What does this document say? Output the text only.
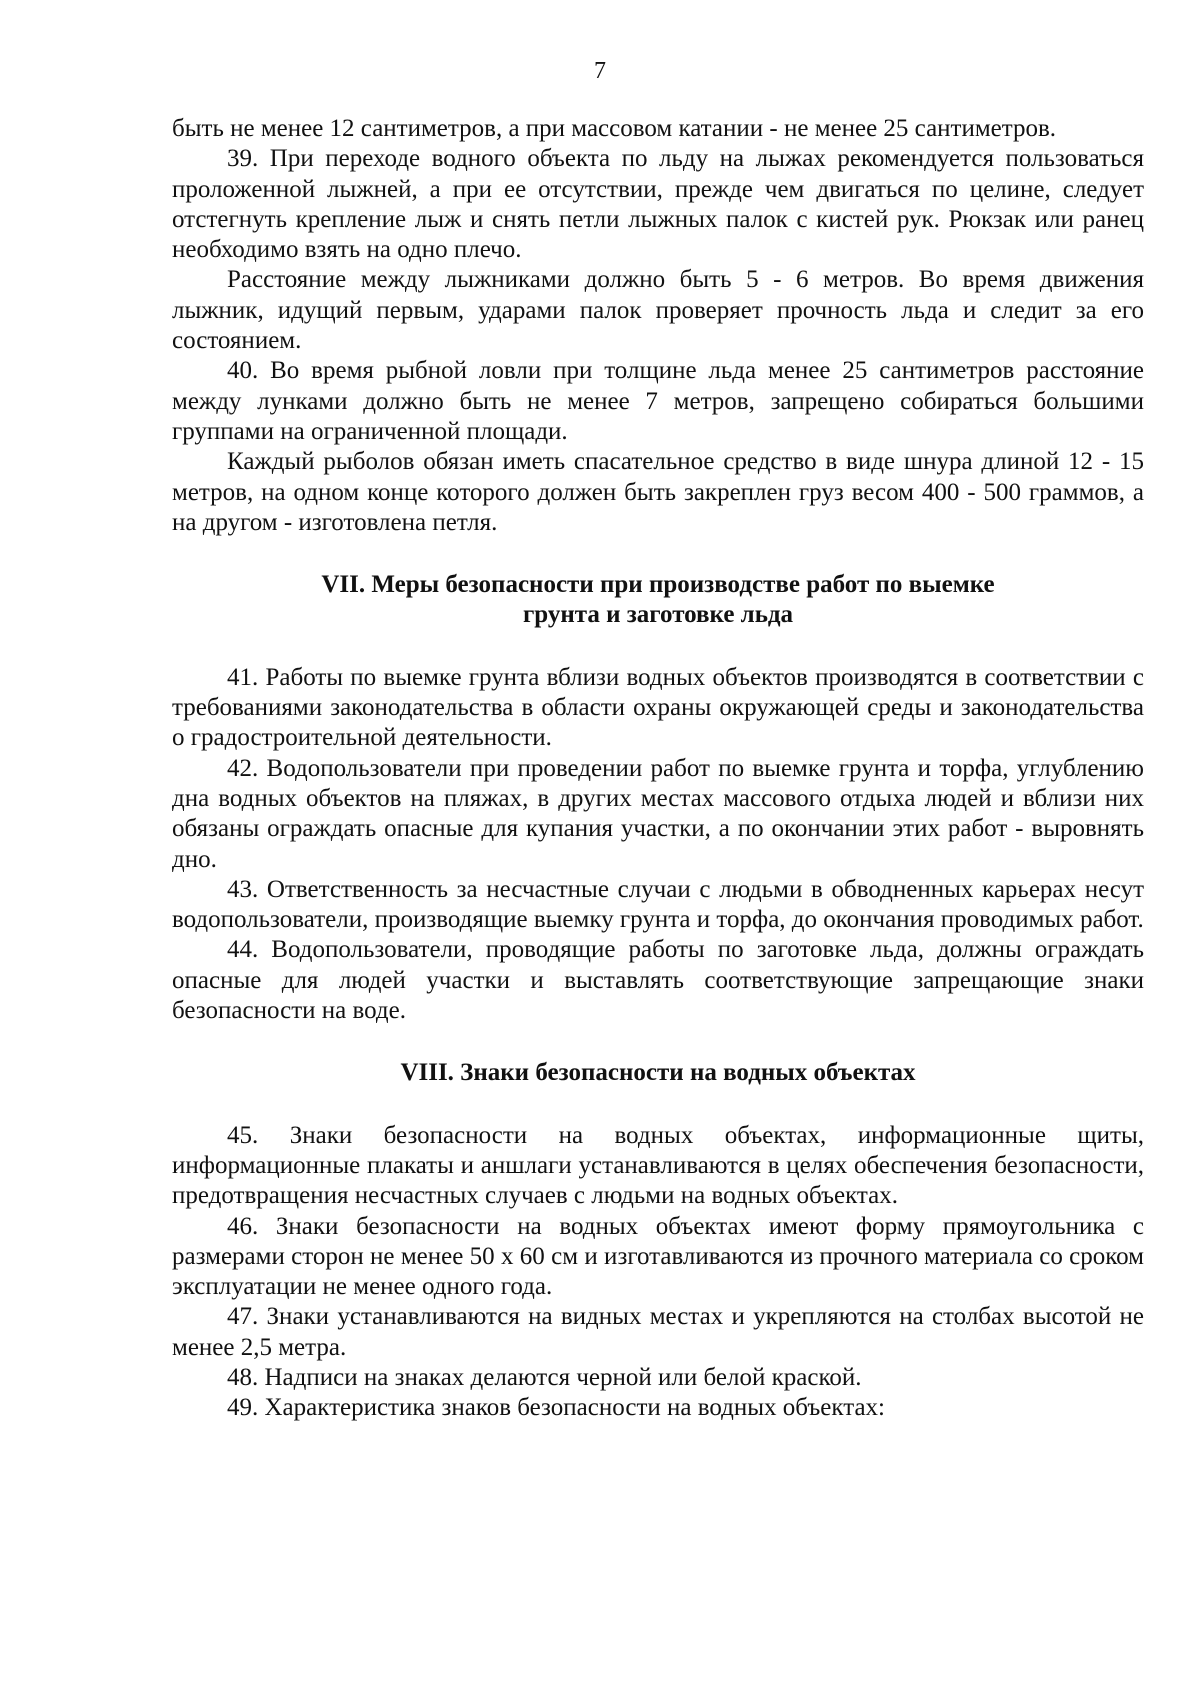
7

быть не менее 12 сантиметров, а при массовом катании - не менее 25 сантиметров.

39. При переходе водного объекта по льду на лыжах рекомендуется пользоваться проложенной лыжней, а при ее отсутствии, прежде чем двигаться по целине, следует отстегнуть крепление лыж и снять петли лыжных палок с кистей рук. Рюкзак или ранец необходимо взять на одно плечо.

Расстояние между лыжниками должно быть 5 - 6 метров. Во время движения лыжник, идущий первым, ударами палок проверяет прочность льда и следит за его состоянием.

40. Во время рыбной ловли при толщине льда менее 25 сантиметров расстояние между лунками должно быть не менее 7 метров, запрещено собираться большими группами на ограниченной площади.

Каждый рыболов обязан иметь спасательное средство в виде шнура длиной 12 - 15 метров, на одном конце которого должен быть закреплен груз весом 400 - 500 граммов, а на другом - изготовлена петля.

VII. Меры безопасности при производстве работ по выемке
грунта и заготовке льда

41. Работы по выемке грунта вблизи водных объектов производятся в соответствии с требованиями законодательства в области охраны окружающей среды и законодательства о градостроительной деятельности.

42. Водопользователи при проведении работ по выемке грунта и торфа, углублению дна водных объектов на пляжах, в других местах массового отдыха людей и вблизи них обязаны ограждать опасные для купания участки, а по окончании этих работ - выровнять дно.

43. Ответственность за несчастные случаи с людьми в обводненных карьерах несут водопользователи, производящие выемку грунта и торфа, до окончания проводимых работ.

44. Водопользователи, проводящие работы по заготовке льда, должны ограждать опасные для людей участки и выставлять соответствующие запрещающие знаки безопасности на воде.

VIII. Знаки безопасности на водных объектах

45. Знаки безопасности на водных объектах, информационные щиты, информационные плакаты и аншлаги устанавливаются в целях обеспечения безопасности, предотвращения несчастных случаев с людьми на водных объектах.

46. Знаки безопасности на водных объектах имеют форму прямоугольника с размерами сторон не менее 50 х 60 см и изготавливаются из прочного материала со сроком эксплуатации не менее одного года.

47. Знаки устанавливаются на видных местах и укрепляются на столбах высотой не менее 2,5 метра.

48. Надписи на знаках делаются черной или белой краской.

49. Характеристика знаков безопасности на водных объектах:
